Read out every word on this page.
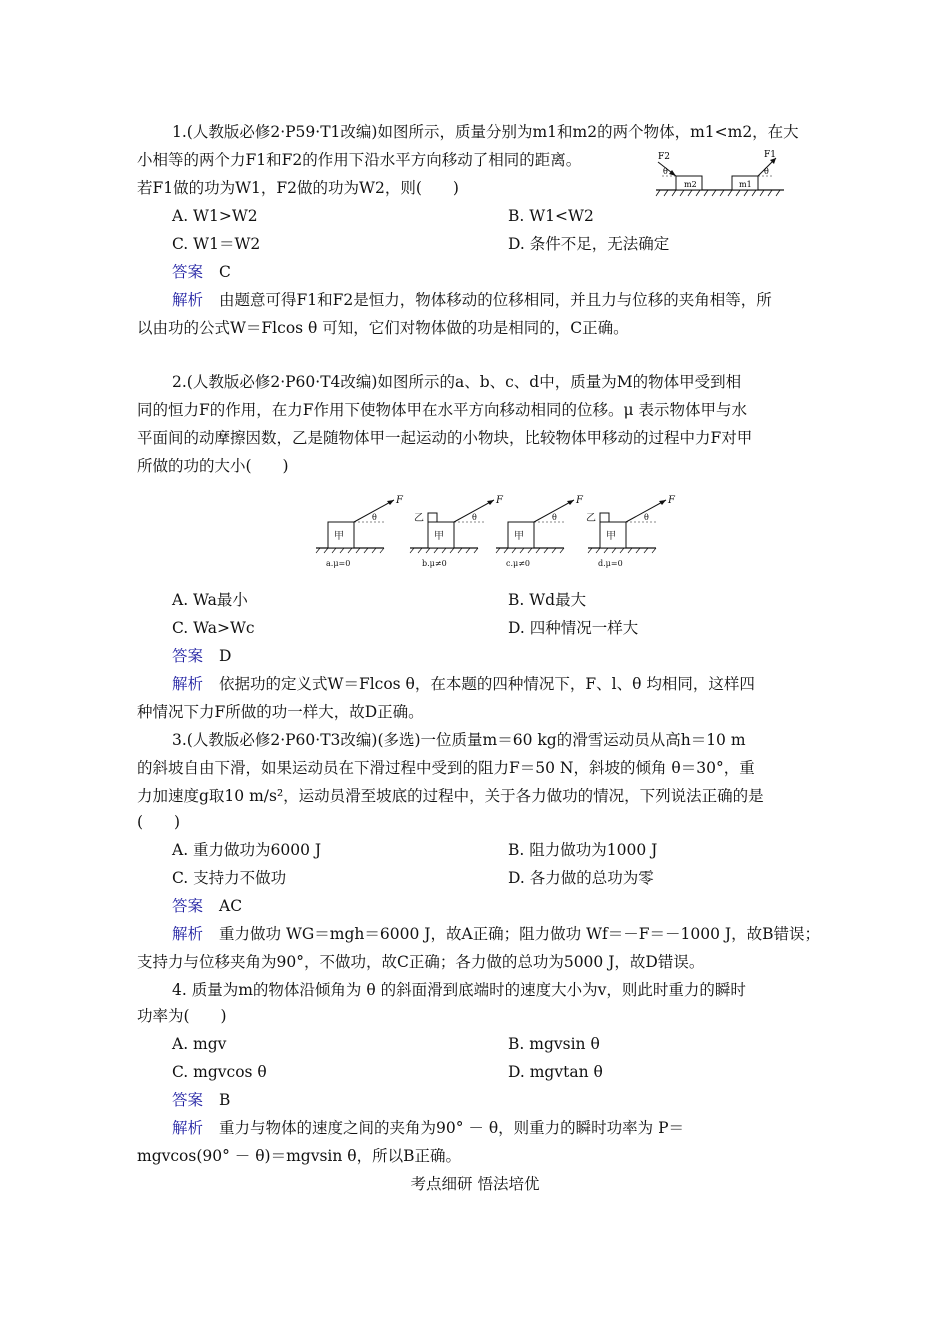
1.(人教版必修2·P59·T1改编)如图所示，质量分别为m1和m2的两个物体，m1<m2，在大
小相等的两个力F1和F2的作用下沿水平方向移动了相同的距离。
若F1做的功为W1，F2做的功为W2，则(　　)
F2	F1
m2	m1
θ	θ
A. W1>W2	B. W1<W2
C. W1＝W2	D. 条件不足，无法确定
答案 C
解析 由题意可得F1和F2是恒力，物体移动的位移相同，并且力与位移的夹角相等，所
以由功的公式W＝Flcos θ 可知，它们对物体做的功是相同的，C正确。
2.(人教版必修2·P60·T4改编)如图所示的a、b、c、d中，质量为M的物体甲受到相
同的恒力F的作用，在力F作用下使物体甲在水平方向移动相同的位移。μ 表示物体甲与水
平面间的动摩擦因数，乙是随物体甲一起运动的小物块，比较物体甲移动的过程中力F对甲
所做的功的大小(　　)
甲
F
θ
a.μ=0
甲
乙
F
θ
b.μ≠0
甲
F
θ
c.μ≠0
甲
乙
F
θ
d.μ=0
A. Wa最小	B. Wd最大
C. Wa>Wc	D. 四种情况一样大
答案 D
解析 依据功的定义式W＝Flcos θ，在本题的四种情况下，F、l、θ 均相同，这样四
种情况下力F所做的功一样大，故D正确。
3.(人教版必修2·P60·T3改编)(多选)一位质量m＝60 kg的滑雪运动员从高h＝10 m
的斜坡自由下滑，如果运动员在下滑过程中受到的阻力F＝50 N，斜坡的倾角 θ＝30°，重
力加速度g取10 m/s²，运动员滑至坡底的过程中，关于各力做功的情况，下列说法正确的是
(　　)
A. 重力做功为6000 J	B. 阻力做功为1000 J
C. 支持力不做功	D. 各力做的总功为零
答案 AC
解析 重力做功 WG＝mgh＝6000 J，故A正确；阻力做功 Wf＝－F＝－1000 J，故B错误；
支持力与位移夹角为90°，不做功，故C正确；各力做的总功为5000 J，故D错误。
4. 质量为m的物体沿倾角为 θ 的斜面滑到底端时的速度大小为v，则此时重力的瞬时
功率为(　　)
A. mgv	B. mgvsin θ
C. mgvcos θ	D. mgvtan θ
答案 B
解析 重力与物体的速度之间的夹角为90° － θ，则重力的瞬时功率为 P＝
mgvcos(90° － θ)＝mgvsin θ，所以B正确。
考点细研 悟法培优
